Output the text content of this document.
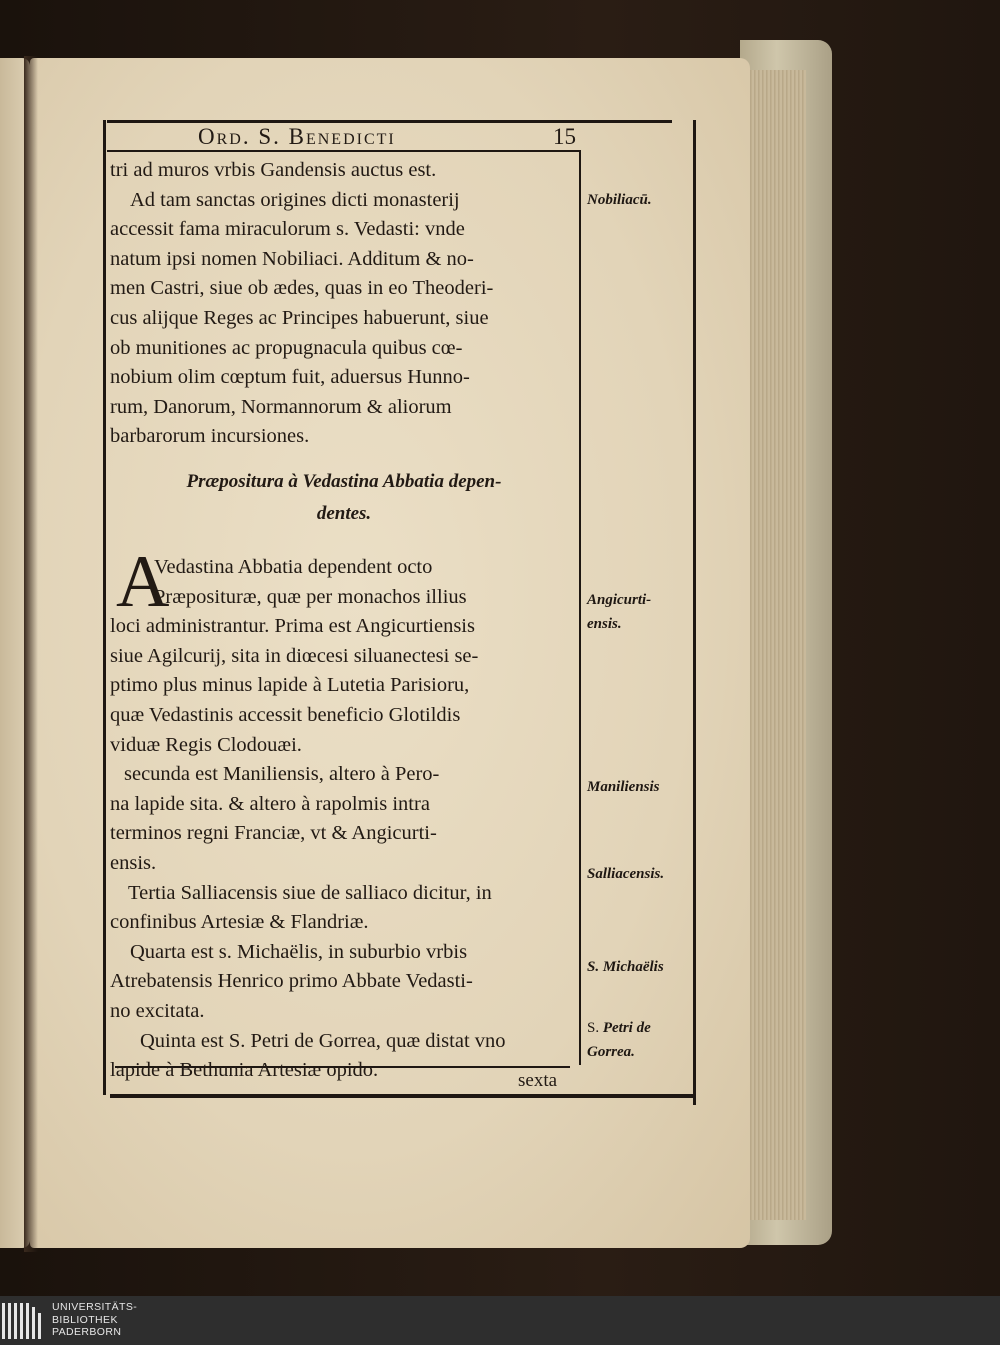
Ord. S. Benedicti	15
tri ad muros vrbis Gandensis auctus est.
Ad tam sanctas origines dicti monasterij
accessit fama miraculorum s. Vedasti: vnde
natum ipsi nomen Nobiliaci. Additum & no-
men Castri, siue ob ædes, quas in eo Theoderi-
cus alijque Reges ac Principes habuerunt, siue
ob munitiones ac propugnacula quibus cœ-
nobium olim cœptum fuit, aduersus Hunno-
rum, Danorum, Normannorum & aliorum
barbarorum incursiones.
Præpositura à Vedastina Abbatia depen-
dentes.
A
Vedastina Abbatia dependent octo
Præposituræ, quæ per monachos illius
loci administrantur. Prima est Angicurtiensis
siue Agilcurij, sita in diœcesi siluanectesi se-
ptimo plus minus lapide à Lutetia Parisioru,
quæ Vedastinis accessit beneficio Glotildis
viduæ Regis Clodouæi.
secunda est Maniliensis, altero à Pero-
na lapide sita. & altero à rapolmis intra
terminos regni Franciæ, vt & Angicurti-
ensis.
Tertia Salliacensis siue de salliaco dicitur, in
confinibus Artesiæ & Flandriæ.
Quarta est s. Michaëlis, in suburbio vrbis
Atrebatensis Henrico primo Abbate Vedasti-
no excitata.
Quinta est S. Petri de Gorrea, quæ distat vno
lapide à Bethunia Artesiæ opido.
Nobiliacū.
Angicurti-
ensis.
Maniliensis
Salliacensis.
S. Michaëlis
S. Petri de
Gorrea.
sexta
UNIVERSITÄTS-
BIBLIOTHEK
PADERBORN
